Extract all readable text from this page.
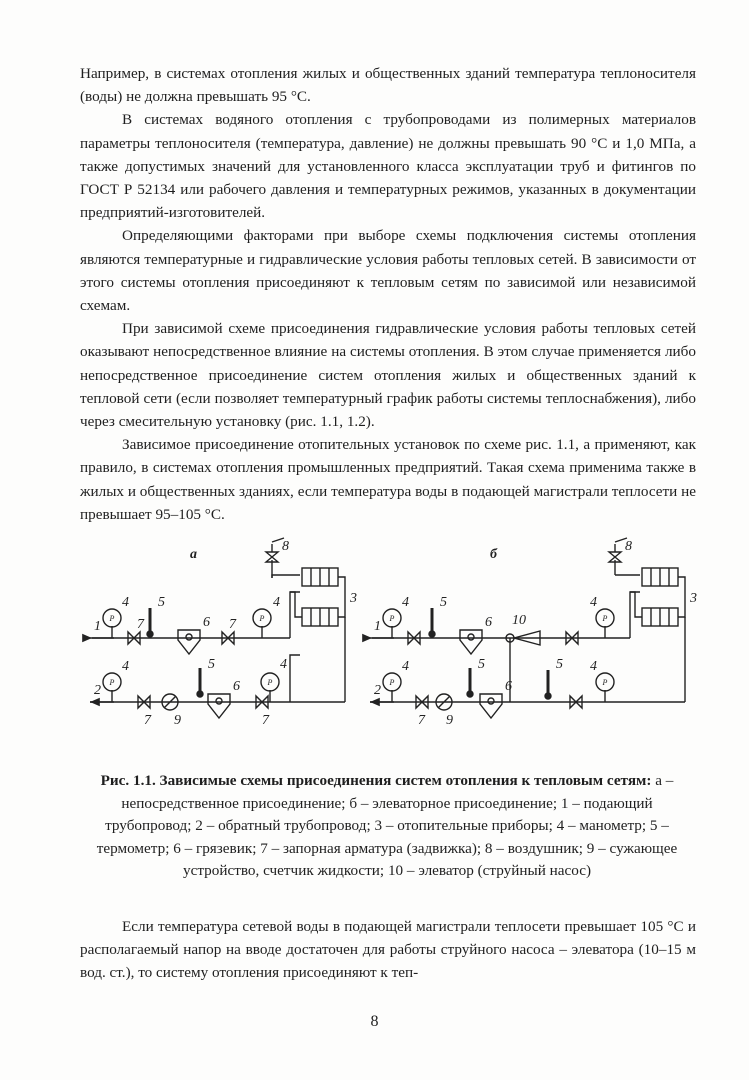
Например, в системах отопления жилых и общественных зданий температура теплоносителя (воды) не должна превышать 95 °С.

В системах водяного отопления с трубопроводами из полимерных материалов параметры теплоносителя (температура, давление) не должны превышать 90 °С и 1,0 МПа, а также допустимых значений для установленного класса эксплуатации труб и фитингов по ГОСТ Р 52134 или рабочего давления и температурных режимов, указанных в документации предприятий-изготовителей.

Определяющими факторами при выборе схемы подключения системы отопления являются температурные и гидравлические условия работы тепловых сетей. В зависимости от этого системы отопления присоединяют к тепловым сетям по зависимой или независимой схемам.

При зависимой схеме присоединения гидравлические условия работы тепловых сетей оказывают непосредственное влияние на системы отопления. В этом случае применяется либо непосредственное присоединение систем отопления жилых и общественных зданий к тепловой сети (если позволяет температурный график работы системы теплоснабжения), либо через смесительную установку (рис. 1.1, 1.2).

Зависимое присоединение отопительных установок по схеме рис. 1.1, а применяют, как правило, в системах отопления промышленных предприятий. Такая схема применима также в жилых и общественных зданиях, если температура воды в подающей магистрали теплосети не превышает 95–105 °С.

P	P
P	P
P	P
P	P
а	б
1
2
3
4	4
4	4
5
5
6
6
7	7
7	7
8
9
1
2
3
4	4
4	4
5
5	5
6
6
7
8
9
10
Рис. 1.1. Зависимые схемы присоединения систем отопления к тепловым сетям: а – непосредственное присоединение; б – элеваторное присоединение; 1 – подающий трубопровод; 2 – обратный трубопровод; 3 – отопительные приборы; 4 – манометр; 5 – термометр; 6 – грязевик; 7 – запорная арматура (задвижка); 8 – воздушник; 9 – сужающее устройство, счетчик жидкости; 10 – элеватор (струйный насос)

Если температура сетевой воды в подающей магистрали теплосети превышает 105 °С и располагаемый напор на вводе достаточен для работы струйного насоса – элеватора (10–15 м вод. ст.), то систему отопления присоединяют к теп-

8
